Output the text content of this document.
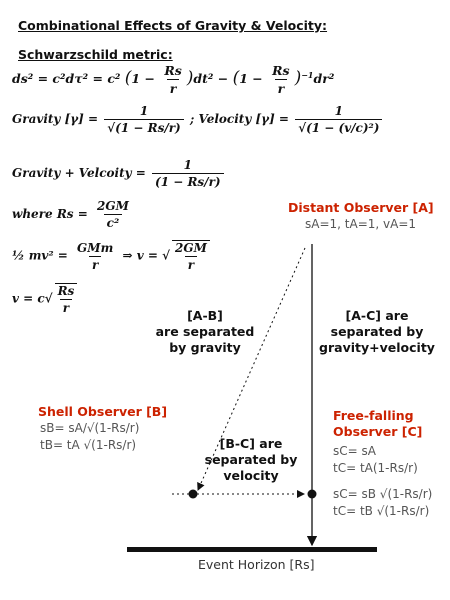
Combinational Effects of Gravity & Velocity:
Schwarzschild metric:
ds² = c²dτ² = c² $(1 - \frac{Rs}{r} )dt^2 - (1 - \frac{Rs}{r} )^{-1}dr^2$
Gravity $[\gamma] = \frac{1}{√(1 - Rs/r)}$ ; Velocity $[\gamma] = \frac{1}{\text{√(1 − (v/c)²)}}$
Gravity + Velcoity = $\frac{1}{(1 - Rs/r)}$
where $Rs = \frac{2GM}{\text{c²}}$
½ $mv^2 = \frac{\text{GMm}}{r}$ ⇒ v = √ $\frac{2GM}{r}$
$v = c√ \frac{Rs}{r}$
Distant Observer [A]
sA=1, tA=1, vA=1
[A-B]
are separated
by gravity
[A-C] are
separated by
gravity+velocity
Shell Observer [B]
sB= sA/√(1-Rs/r)
tB= tA √(1-Rs/r)
Free-falling
Observer [C]
sC= sA
tC= tA(1-Rs/r)
sC= sB √(1-Rs/r)
tC= tB √(1-Rs/r)
[B-C] are
separated by
velocity
Event Horizon [Rs]
